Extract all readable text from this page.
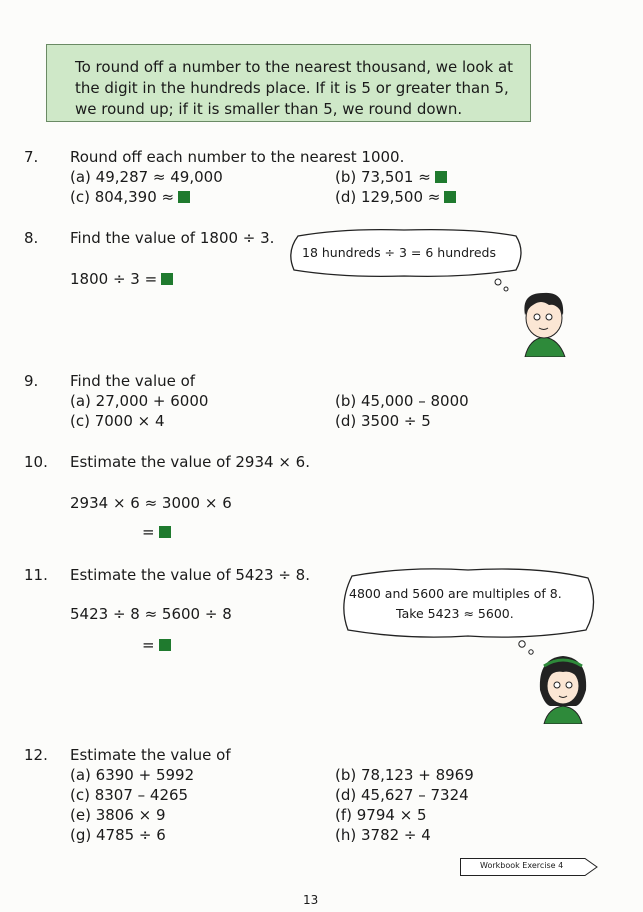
To round off a number to the nearest thousand, we look at
the digit in the hundreds place. If it is 5 or greater than 5,
we round up; if it is smaller than 5, we round down.
7.	Round off each number to the nearest 1000.
(a) 49,287 ≈ 49,000	(b) 73,501 ≈
(c) 804,390 ≈	(d) 129,500 ≈
8.	Find the value of 1800 ÷ 3.
1800 ÷ 3 =
18 hundreds ÷ 3 = 6 hundreds
9.	Find the value of
(a) 27,000 + 6000	(b) 45,000 – 8000
(c) 7000 × 4	(d) 3500 ÷ 5
10.	Estimate the value of 2934 × 6.
2934 × 6 ≈ 3000 × 6
=
11.	Estimate the value of 5423 ÷ 8.
5423 ÷ 8 ≈ 5600 ÷ 8
=
4800 and 5600 are multiples of 8.
Take 5423 ≈ 5600.
12.	Estimate the value of
(a) 6390 + 5992	(b) 78,123 + 8969
(c) 8307 – 4265	(d) 45,627 – 7324
(e) 3806 × 9	(f) 9794 × 5
(g) 4785 ÷ 6	(h) 3782 ÷ 4
Workbook Exercise 4
13
